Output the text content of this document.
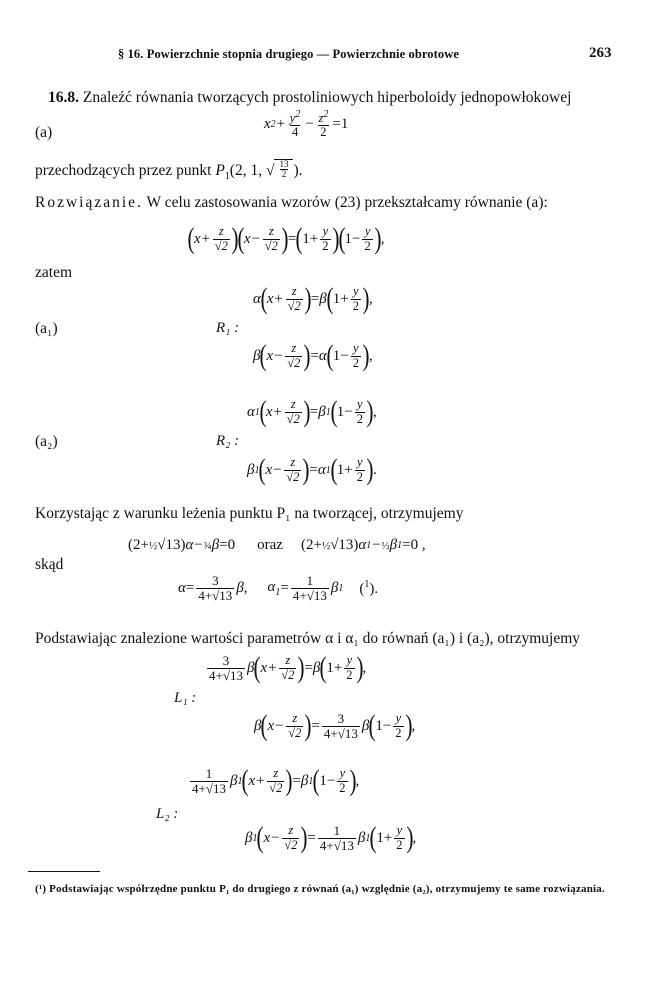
§ 16. Powierzchnie stopnia drugiego — Powierzchnie obrotowe	263
16.8. Znaleźć równania tworzących prostoliniowych hiperboloidy jednopowłokowej
(a)	x $2 + \frac{y^2}{4} - \frac{z^2}{2} =1$
przechodzących przez punkt $P_1(2$, 1, √ $\frac{13}{2}$ ).
Rozwiązanie. W celu zastosowania wzorów (23) przekształcamy równanie (a):
( $x+ \frac{z}{√2}$ ) ( $x- \frac{z}{√2}$ ) = ( $1+ \frac{y}{2}$ ) ( $1- \frac{y}{2}$ ) ,
zatem
α ( $x+ \frac{z}{√2}$ ) = β ( $1+ \frac{y}{2}$ ) ,
(a₁)	R₁ :
β ( $x- \frac{z}{√2}$ ) = α ( $1- \frac{y}{2}$ ) ,
α 1 ( $x+ \frac{z}{√2}$ ) = β 1 ( $1- \frac{y}{2}$ ) ,
(a₂)	R₂ :
β 1 ( $x- \frac{z}{√2}$ ) = α 1 ( $1+ \frac{y}{2}$ ) .
Korzystając z warunku leżenia punktu P₁ na tworzącej, otrzymujemy
(2+ ½ √13) α− ¾ β =0 oraz (2+ ½ √13) α 1 − ½ β 1 =0 ,
skąd
$\alpha = \frac{3}{4+√13}$ β , $\alpha_1 = \frac{1}{4+√13}$ β 1 ($^1$).
Podstawiając znalezione wartości parametrów α i α₁ do równań (a₁) i (a₂), otrzymujemy
$\frac{3}{4+√13}$ β ( $x+ \frac{z}{√2}$ ) = β ( $1+ \frac{y}{2}$ ) ,
L₁ :
β ( $x- \frac{z}{√2}$ ) = $\frac{3}{4+√13}$ β ( $1- \frac{y}{2}$ ) ,
$\frac{1}{4+√13}$ β 1 ( $x+ \frac{z}{√2}$ ) = β 1 ( $1- \frac{y}{2}$ ) ,
L₂ :
β 1 ( $x- \frac{z}{√2}$ ) = $\frac{1}{4+√13}$ β 1 ( $1+ \frac{y}{2}$ ) ,
(¹) Podstawiając współrzędne punktu P₁ do drugiego z równań (a₁) względnie (a₂), otrzymujemy te same rozwiązania.
